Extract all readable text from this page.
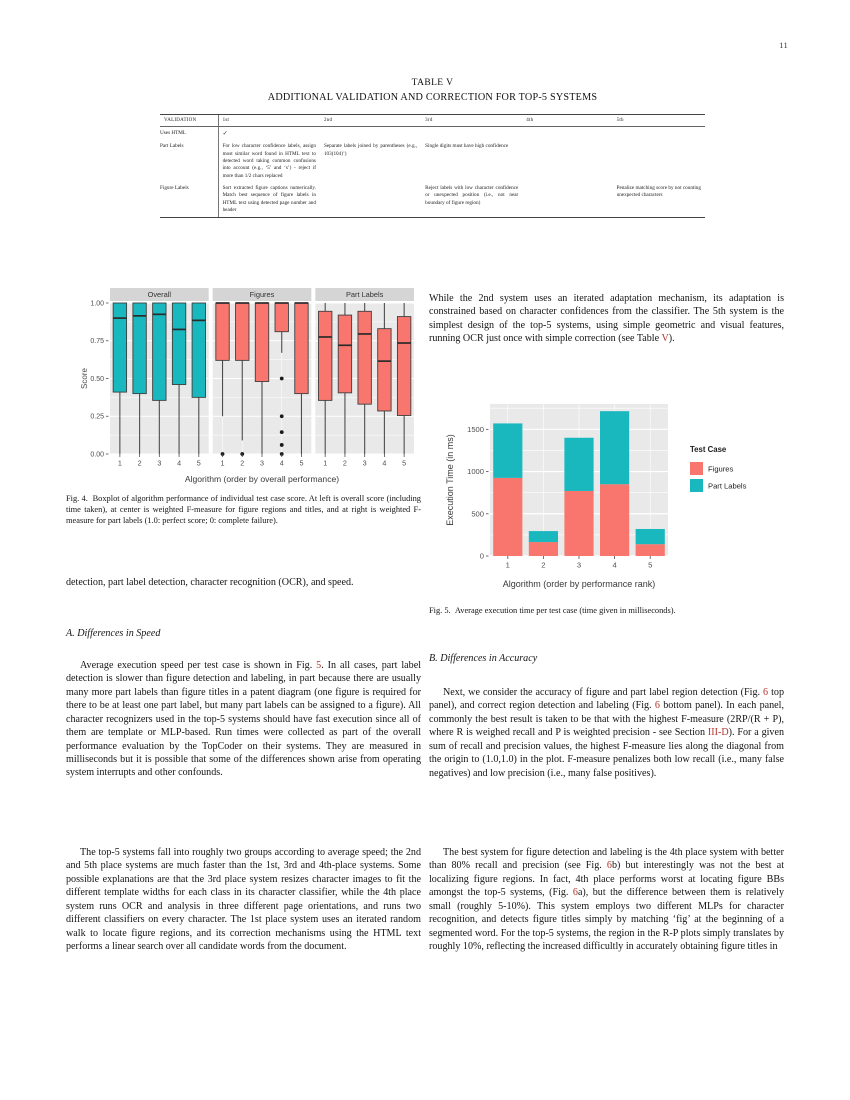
11
TABLE V
ADDITIONAL VALIDATION AND CORRECTION FOR TOP-5 SYSTEMS
VALIDATION	1st	2nd	3rd	4th	5th
Uses HTML	✓				
Part Labels	For low character confidence labels, assign most similar word found in HTML text to detected word taking common confusions into account (e.g., ‘5’ and ‘s’) - reject if more than 1/2 chars replaced	Separate labels joined by parentheses (e.g., 103(104)’)	Single digits must have high confidence		
Figure Labels	Sort extracted figure captions numerically. Match best sequence of figure labels in HTML text using detected page number and header		Reject labels with low character confidence or unexpected position (i.e., not near boundary of figure region)		Penalize matching score by not counting unexpected characters
0.00
0.25
0.50
0.75
1.00
Score
Overall
1 2 3 4 5
Figures
1 2 3 4 5
Part Labels
1 2 3 4 5
Algorithm (order by overall performance)
0
500
1000
1500
Execution Time (in ms)
1	2	3	4	5
Algorithm (order by performance rank)
Test Case
Figures
Part Labels
Fig. 4. Boxplot of algorithm performance of individual test case score. At left is overall score (including time taken), at center is weighted F-measure for figure regions and titles, and at right is weighted F-measure for part labels (1.0: perfect score; 0: complete failure).
Fig. 5. Average execution time per test case (time given in milliseconds).

detection, part label detection, character recognition (OCR), and speed.

A. Differences in Speed

Average execution speed per test case is shown in Fig. 5. In all cases, part label detection is slower than figure detection and labeling, in part because there are usually many more part labels than figure titles in a patent diagram (one figure is required for there to be at least one part label, but many part labels can be assigned to a figure). All character recognizers used in the top-5 systems should have fast execution since all of them are template or MLP-based. Run times were collected as part of the overall performance evaluation by the TopCoder on their systems. They are measured in milliseconds but it is possible that some of the differences shown arise from operating system interrupts and other confounds.

The top-5 systems fall into roughly two groups according to average speed; the 2nd and 5th place systems are much faster than the 1st, 3rd and 4th-place systems. Some possible explanations are that the 3rd place system resizes character images to fit the different template widths for each class in its character classifier, while the 4th place system runs OCR and analysis in three different page orientations, and runs two different classifiers on every character. The 1st place system uses an iterated random walk to locate figure regions, and its correction mechanisms using the HTML text performs a linear search over all candidate words from the document.

While the 2nd system uses an iterated adaptation mechanism, its adaptation is constrained based on character confidences from the classifier. The 5th system is the simplest design of the top-5 systems, using simple geometric and visual features, running OCR just once with simple correction (see Table V).

B. Differences in Accuracy

Next, we consider the accuracy of figure and part label region detection (Fig. 6 top panel), and correct region detection and labeling (Fig. 6 bottom panel). In each panel, commonly the best result is taken to be that with the highest F-measure (2RP/(R + P), where R is weighed recall and P is weighted precision - see Section III-D). For a given sum of recall and precision values, the highest F-measure lies along the diagonal from the origin to (1.0,1.0) in the plot. F-measure penalizes both low recall (i.e., many false negatives) and low precision (i.e., many false positives).

The best system for figure detection and labeling is the 4th place system with better than 80% recall and precision (see Fig. 6b) but interestingly was not the best at localizing figure regions. In fact, 4th place performs worst at locating figure BBs amongst the top-5 systems, (Fig. 6a), but the difference between them is relatively small (roughly 5-10%). This system employs two different MLPs for character recognition, and detects figure titles simply by matching ‘fig’ at the beginning of a segmented word. For the top-5 systems, the region in the R-P plots simply translates by roughly 10%, reflecting the increased difficultly in accurately obtaining figure titles in
